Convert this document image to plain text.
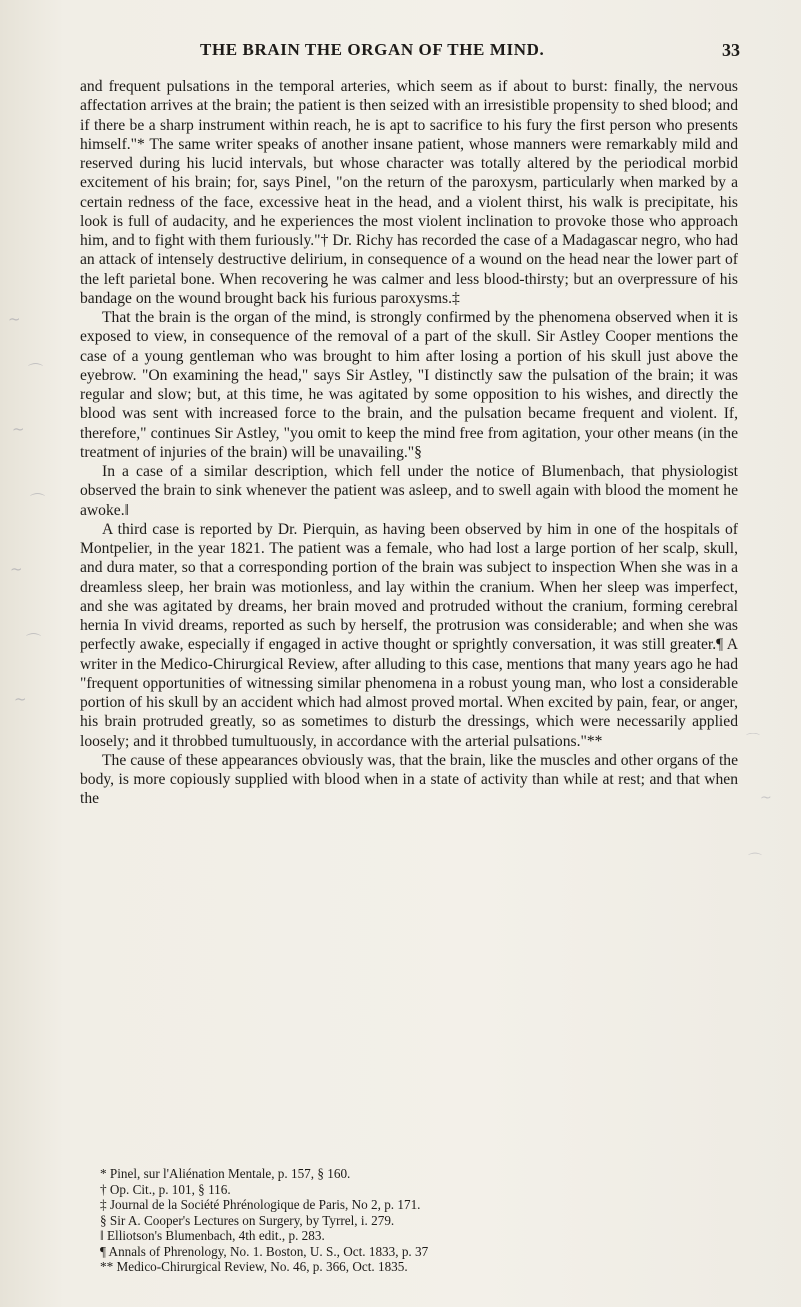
THE BRAIN THE ORGAN OF THE MIND.	33

and frequent pulsations in the temporal arteries, which seem as if about to burst: finally, the nervous affectation arrives at the brain; the patient is then seized with an irresistible propensity to shed blood; and if there be a sharp instrument within reach, he is apt to sacrifice to his fury the first person who presents himself."* The same writer speaks of another insane patient, whose manners were remarkably mild and reserved during his lucid intervals, but whose character was totally altered by the periodical morbid excitement of his brain; for, says Pinel, "on the return of the paroxysm, particularly when marked by a certain redness of the face, excessive heat in the head, and a violent thirst, his walk is precipitate, his look is full of audacity, and he experiences the most violent inclination to provoke those who approach him, and to fight with them furiously."† Dr. Richy has recorded the case of a Madagascar negro, who had an attack of intensely destructive delirium, in consequence of a wound on the head near the lower part of the left parietal bone. When recovering he was calmer and less blood-thirsty; but an overpressure of his bandage on the wound brought back his furious paroxysms.‡

That the brain is the organ of the mind, is strongly confirmed by the phenomena observed when it is exposed to view, in consequence of the removal of a part of the skull. Sir Astley Cooper mentions the case of a young gentleman who was brought to him after losing a portion of his skull just above the eyebrow. "On examining the head," says Sir Astley, "I distinctly saw the pulsation of the brain; it was regular and slow; but, at this time, he was agitated by some opposition to his wishes, and directly the blood was sent with increased force to the brain, and the pulsation became frequent and violent. If, therefore," continues Sir Astley, "you omit to keep the mind free from agitation, your other means (in the treatment of injuries of the brain) will be unavailing."§

In a case of a similar description, which fell under the notice of Blumenbach, that physiologist observed the brain to sink whenever the patient was asleep, and to swell again with blood the moment he awoke.‖

A third case is reported by Dr. Pierquin, as having been observed by him in one of the hospitals of Montpelier, in the year 1821. The patient was a female, who had lost a large portion of her scalp, skull, and dura mater, so that a corresponding portion of the brain was subject to inspection When she was in a dreamless sleep, her brain was motionless, and lay within the cranium. When her sleep was imperfect, and she was agitated by dreams, her brain moved and protruded without the cranium, forming cerebral hernia In vivid dreams, reported as such by herself, the protrusion was considerable; and when she was perfectly awake, especially if engaged in active thought or sprightly conversation, it was still greater.¶ A writer in the Medico-Chirurgical Review, after alluding to this case, mentions that many years ago he had "frequent opportunities of witnessing similar phenomena in a robust young man, who lost a considerable portion of his skull by an accident which had almost proved mortal. When excited by pain, fear, or anger, his brain protruded greatly, so as sometimes to disturb the dressings, which were necessarily applied loosely; and it throbbed tumultuously, in accordance with the arterial pulsations."**

The cause of these appearances obviously was, that the brain, like the muscles and other organs of the body, is more copiously supplied with blood when in a state of activity than while at rest; and that when the

* Pinel, sur l'Aliénation Mentale, p. 157, § 160.

† Op. Cit., p. 101, § 116.

‡ Journal de la Société Phrénologique de Paris, No 2, p. 171.

§ Sir A. Cooper's Lectures on Surgery, by Tyrrel, i. 279.

‖ Elliotson's Blumenbach, 4th edit., p. 283.

¶ Annals of Phrenology, No. 1. Boston, U. S., Oct. 1833, p. 37

** Medico-Chirurgical Review, No. 46, p. 366, Oct. 1835.

~
⌒
~
⌒
~
⌒
~
⌒
~
⌒
